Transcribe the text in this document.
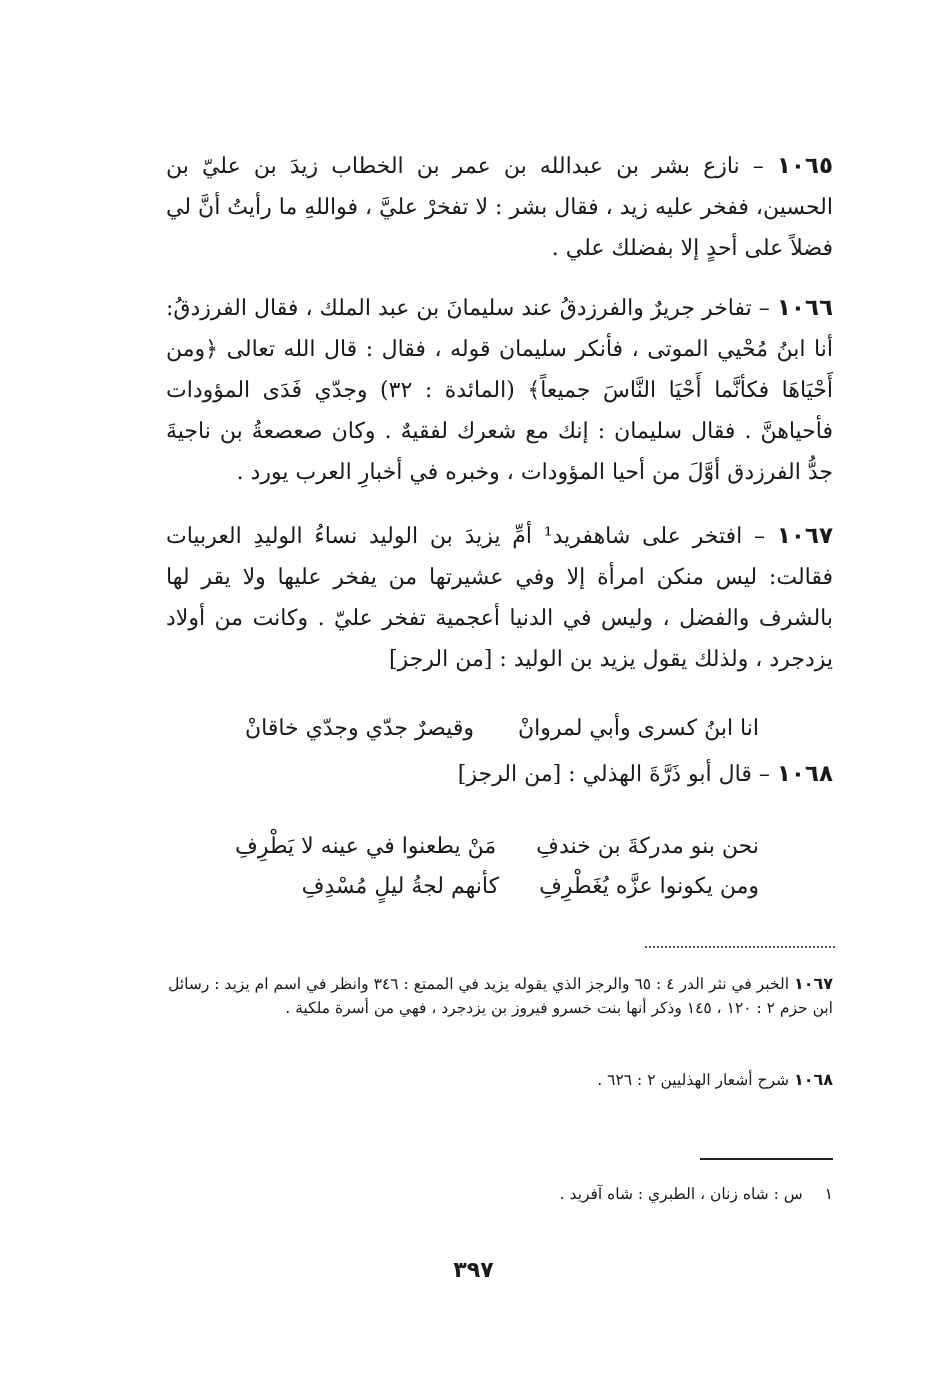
١٠٦٥ – نازع بشر بن عبدالله بن عمر بن الخطاب زيدَ بن عليّ بن الحسين، ففخر عليه زيد ، فقال بشر : لا تفخرْ عليَّ ، فواللهِ ما رأيتُ أنَّ لي فضلاً على أحدٍ إلا بفضلك علي .
١٠٦٦ – تفاخر جريرٌ والفرزدقُ عند سليمانَ بن عبد الملك ، فقال الفرزدقُ: أنا ابنُ مُحْيي الموتى ، فأنكر سليمان قوله ، فقال : قال الله تعالى ﴿ومن أَحْيَاهَا فكأنَّما أَحْيَا النَّاسَ جميعاً﴾ (المائدة : ٣٢) وجدّي فَدَى المؤودات فأحياهنَّ . فقال سليمان : إنك مع شعرك لفقيهٌ . وكان صعصعةُ بن ناجيةَ جدُّ الفرزدق أوَّلَ من أحيا المؤودات ، وخبره في أخبارِ العرب يورد .
١٠٦٧ – افتخر على شاهفريد¹ أمِّ يزيدَ بن الوليد نساءُ الوليدِ العربيات فقالت: ليس منكن امرأة إلا وفي عشيرتها من يفخر عليها ولا يقر لها بالشرف والفضل ، وليس في الدنيا أعجمية تفخر عليّ . وكانت من أولاد يزدجرد ، ولذلك يقول يزيد بن الوليد : [من الرجز]
انا ابنُ كسرى وأبي لمروانْ
وقيصرٌ جدّي وجدّي خاقانْ
١٠٦٨ – قال أبو ذَرَّةَ الهذلي : [من الرجز]
نحن بنو مدركةَ بن خندفِ
مَنْ يطعنوا في عينه لا يَطْرِفِ
ومن يكونوا عزَّه يُغَطْرِفِ
كأنهم لجةُ ليلٍ مُسْدِفِ
١٠٦٧ الخبر في نثر الدر ٤ : ٦٥ والرجز الذي يقوله يزيد في الممتع : ٣٤٦ وانظر في اسم ام يزيد : رسائل ابن حزم ٢ : ١٢٠ ، ١٤٥ وذكر أنها بنت خسرو فيروز بن يزدجرد ، فهي من أسرة ملكية .
١٠٦٨ شرح أشعار الهذليين ٢ : ٦٢٦ .
١س : شاه زنان ، الطبري : شاه آفريد .
٣٩٧
